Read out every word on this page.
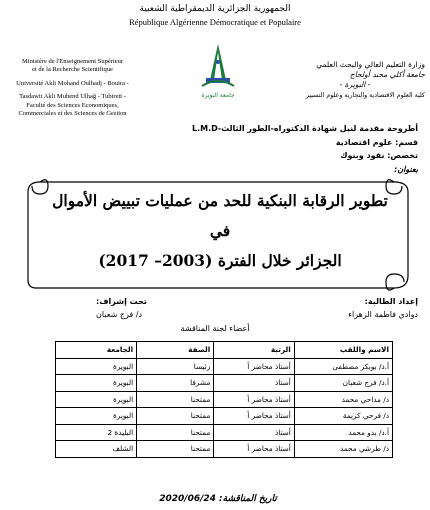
الجمهورية الجزائرية الديمقراطية الشعبية
République Algérienne Démocratique et Populaire
Ministère de l'Enseignement Supérieur
et de la Recherche Scientifique
Université Akli Mohand Oulhadj - Bouira -
Tasdawit Akli Muhend Ulhağ - Tubirett -
Faculté des Sciences Economiques,
Commerciales et des Sciences de Gestion
وزارة التعليم العالي والبحث العلمي
جامعة أكلي محند أولحاج
- البويرة -
كلية العلوم الاقتصادية والتجارية وعلوم التسيير
جامعة البويرة
أطروحة مقدمة لنيل شهادة الدكتوراه-الطور الثالث-L.M.D
قسم: علوم اقتصادية
تخصص: نقود وبنوك
بعنوان:
تطوير الرقابة البنكية للحد من عمليات تبييض الأموال في
الجزائر خلال الفترة (2003– 2017)
إعداد الطالبة:
دوادي فاطمة الزهراء
تحت إشراف:
د/ فرج شعبان
أعضاء لجنة المناقشة
الاسم واللقب	الرتبة	الصفة	الجامعة
أ.د/ بوبكر مصطفى	أستاذ محاضر أ	رئيسا	البويرة
أ.د/ فرج شعبان	أستاذ	مشرفا	البويرة
د/ مداحي محمد	أستاذ محاضر أ	ممتحنا	البويرة
د/ فرحي كريمة	أستاذ محاضر أ	ممتحنا	البويرة
أ.د/ بدو محمد	أستاذ	ممتحنا	البليدة 2
د/ طرشي محمد	أستاذ محاضر أ	ممتحنا	الشلف
تاريخ المناقشة: 2020/06/24
